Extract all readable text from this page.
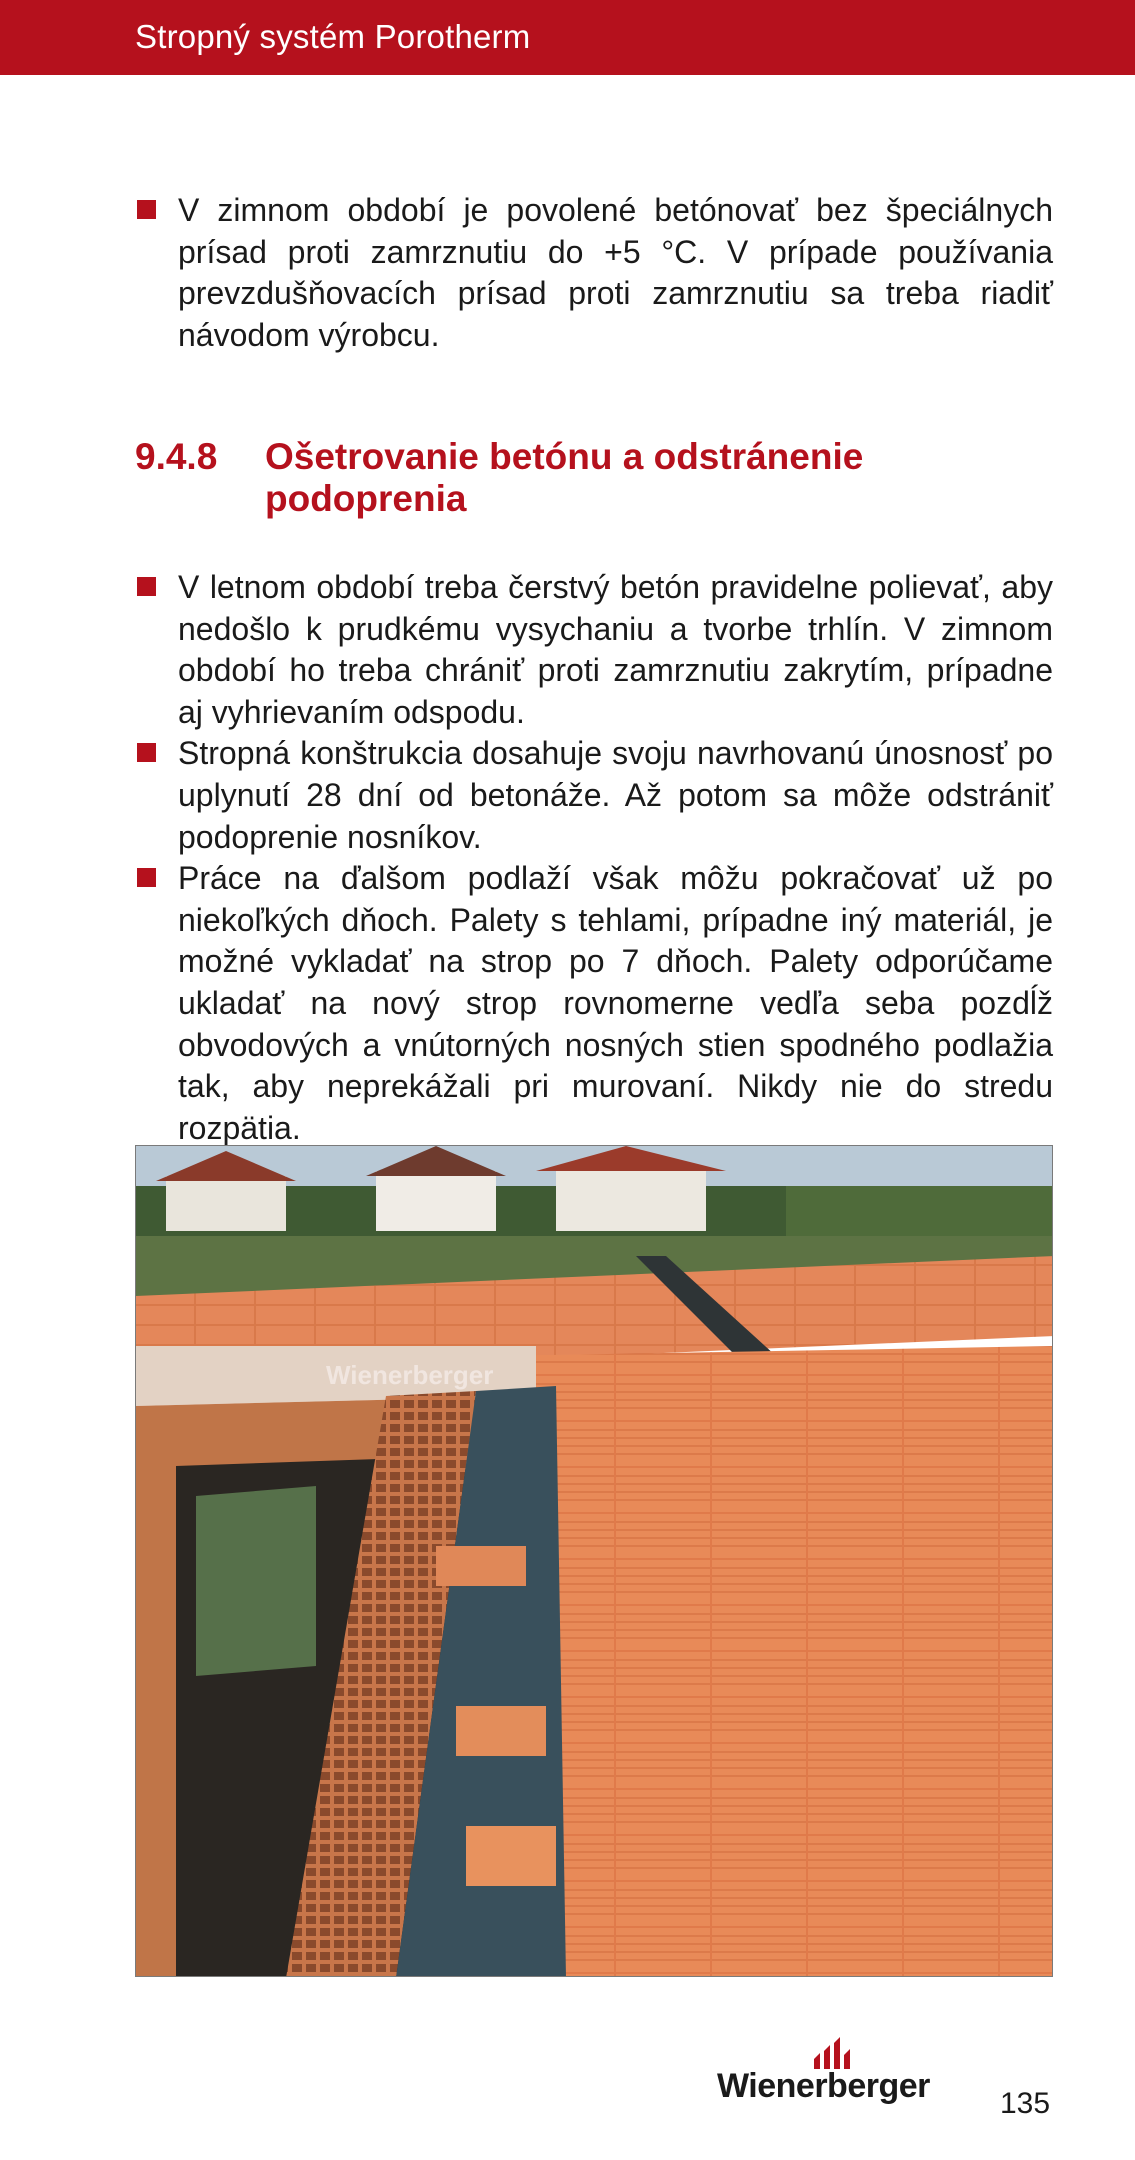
Stropný systém Porotherm
V zimnom období je povolené betónovať bez špeciálnych prísad proti zamrznutiu do +5 °C. V prípade používania prevzdušňovacích prísad proti zamrznutiu sa treba riadiť návodom výrobcu.
9.4.8 Ošetrovanie betónu a odstránenie podoprenia
V letnom období treba čerstvý betón pravidelne polievať, aby nedošlo k prudkému vysychaniu a tvorbe trhlín. V zimnom období ho treba chrániť proti zamrznutiu zakrytím, prípadne aj vyhrievaním odspodu.
Stropná konštrukcia dosahuje svoju navrhovanú únosnosť po uplynutí 28 dní od betonáže. Až potom sa môže odstrániť podoprenie nosníkov.
Práce na ďalšom podlaží však môžu pokračovať už po niekoľkých dňoch. Palety s tehlami, prípadne iný materiál, je možné vykladať na strop po 7 dňoch. Palety odporúčame ukladať na nový strop rovnomerne vedľa seba pozdĺž obvodových a vnútorných nosných stien spodného podlažia tak, aby neprekážali pri murovaní. Nikdy nie do stredu rozpätia.
Wienerberger
Wienerberger 135
